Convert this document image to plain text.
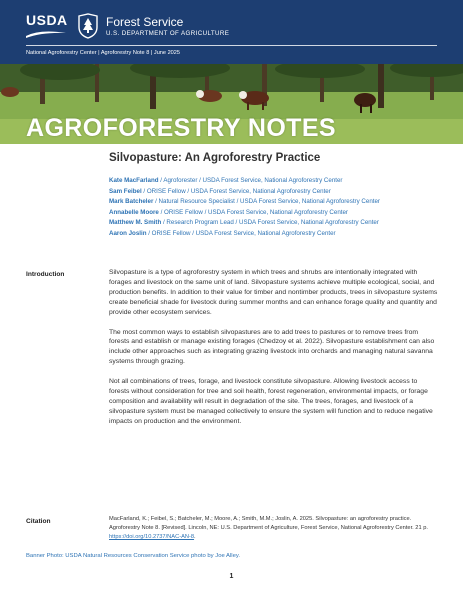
USDA	Forest Service
U.S. DEPARTMENT OF AGRICULTURE
National Agroforestry Center | Agroforestry Note 8 | June 2025
AGROFORESTRY NOTES
Silvopasture: An Agroforestry Practice
Kate MacFarland / Agroforester / USDA Forest Service, National Agroforestry Center
Sam Feibel / ORISE Fellow / USDA Forest Service, National Agroforestry Center
Mark Batcheler / Natural Resource Specialist / USDA Forest Service, National Agroforestry Center
Annabelle Moore / ORISE Fellow / USDA Forest Service, National Agroforestry Center
Matthew M. Smith / Research Program Lead / USDA Forest Service, National Agroforestry Center
Aaron Joslin / ORISE Fellow / USDA Forest Service, National Agroforestry Center
Introduction	Silvopasture is a type of agroforestry system in which trees and shrubs are intentionally integrated with forages and livestock on the same unit of land. Silvopasture systems achieve multiple ecological, social, and production benefits. In addition to their value for timber and nontimber products, trees in silvopasture systems create beneficial shade for livestock during summer months and can enhance forage quality and quantity and provide other ecosystem services.

The most common ways to establish silvopastures are to add trees to pastures or to remove trees from forests and establish or manage existing forages (Chedzoy et al. 2022). Silvopasture establishment can also include other approaches such as integrating grazing livestock into orchards and managing natural savanna systems through grazing.

Not all combinations of trees, forage, and livestock constitute silvopasture. Allowing livestock access to forests without consideration for tree and soil health, forest regeneration, environmental impacts, or forage composition and availability will result in degradation of the site. The trees, forages, and livestock of a silvopasture system must be managed collectively to ensure the system will function and to reduce negative impacts on production and the environment.

Citation	MacFarland, K.; Feibel, S.; Batcheler, M.; Moore, A.; Smith, M.M.; Joslin, A. 2025. Silvopasture: an agroforestry practice. Agroforestry Note 8. [Revised]. Lincoln, NE: U.S. Department of Agriculture, Forest Service, National Agroforestry Center. 21 p. https://doi.org/10.2737/NAC-AN-8.
Banner Photo: USDA Natural Resources Conservation Service photo by Joe Alley.
1
